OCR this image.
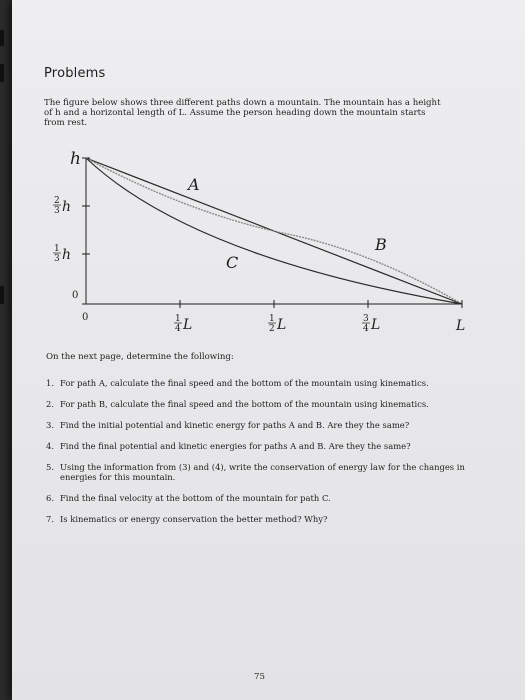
Problems

The figure below shows three different paths down a mountain. The mountain has a height

of h and a horizontal length of L. Assume the person heading down the mountain starts

from rest.

h
2
3 h
1
3 h
0
0	1
4 L	1
2 L	3
4 L	L
A
B
C
On the next page, determine the following:
1. For path A, calculate the final speed and the bottom of the mountain using kinematics.
2. For path B, calculate the final speed and the bottom of the mountain using kinematics.
3. Find the initial potential and kinetic energy for paths A and B. Are they the same?
4. Find the final potential and kinetic energies for paths A and B. Are they the same?
5. Using the information from (3) and (4), write the conservation of energy law for the changes in energies for this mountain.
6. Find the final velocity at the bottom of the mountain for path C.
7. Is kinematics or energy conservation the better method? Why?
75
